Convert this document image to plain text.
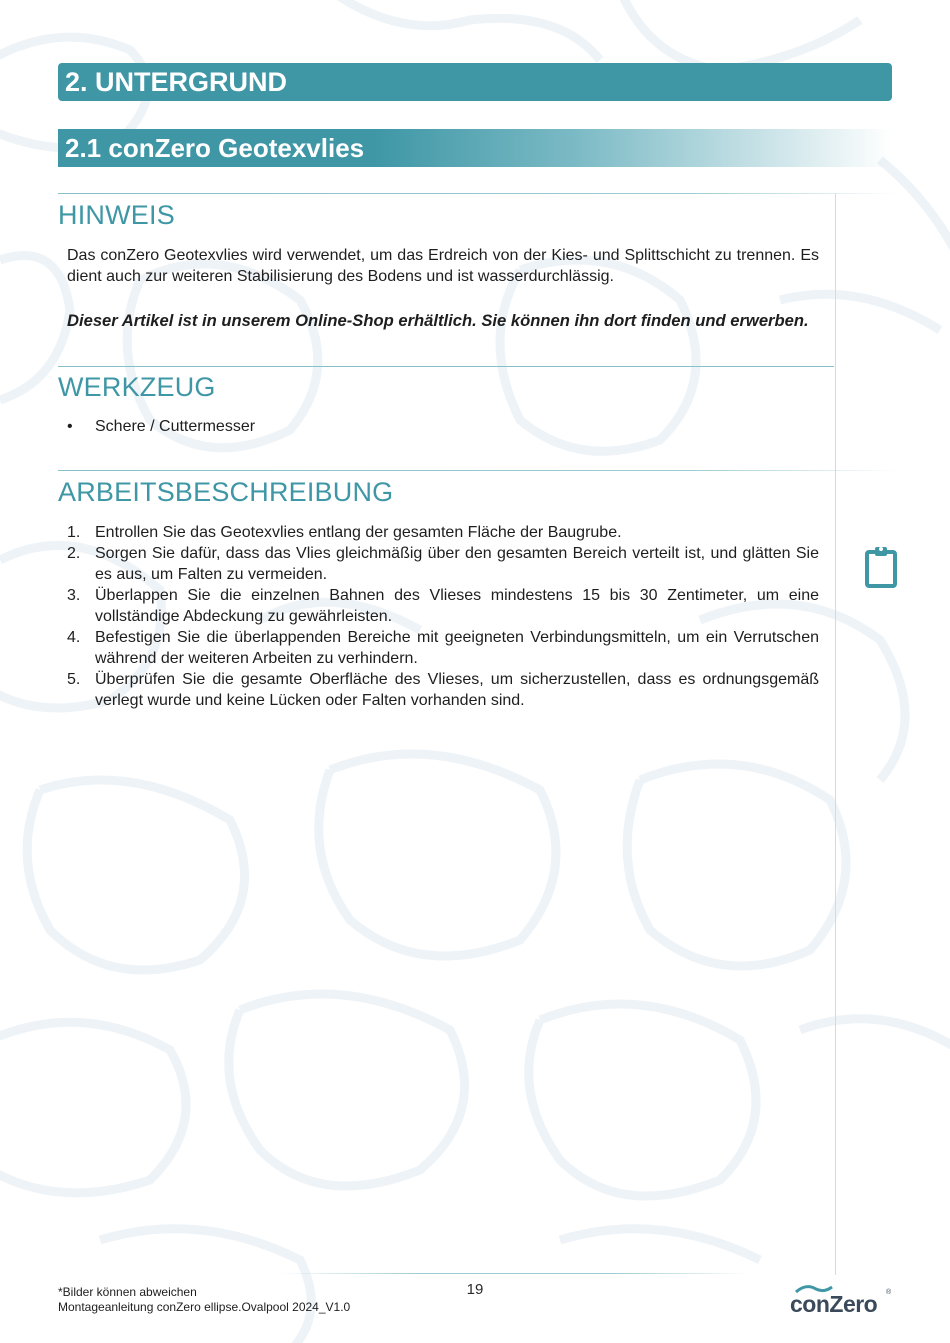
2. UNTERGRUND
2.1 conZero Geotexvlies
HINWEIS
Das conZero Geotexvlies wird verwendet, um das Erdreich von der Kies- und Splittschicht zu trennen. Es dient auch zur weiteren Stabilisierung des Bodens und ist wasserdurchlässig.
Dieser Artikel ist in unserem Online-Shop erhältlich. Sie können ihn dort finden und erwerben.
WERKZEUG
• Schere / Cuttermesser
ARBEITSBESCHREIBUNG
1. Entrollen Sie das Geotexvlies entlang der gesamten Fläche der Baugrube.
2. Sorgen Sie dafür, dass das Vlies gleichmäßig über den gesamten Bereich verteilt ist, und glätten Sie es aus, um Falten zu vermeiden.
3. Überlappen Sie die einzelnen Bahnen des Vlieses mindestens 15 bis 30 Zentimeter, um eine vollständige Abdeckung zu gewährleisten.
4. Befestigen Sie die überlappenden Bereiche mit geeigneten Verbindungsmitteln, um ein Verrutschen während der weiteren Arbeiten zu verhindern.
5. Überprüfen Sie die gesamte Oberfläche des Vlieses, um sicherzustellen, dass es ordnungsgemäß verlegt wurde und keine Lücken oder Falten vorhanden sind.
19
*Bilder können abweichen
Montageanleitung conZero ellipse.Ovalpool 2024_V1.0	conZero ®
